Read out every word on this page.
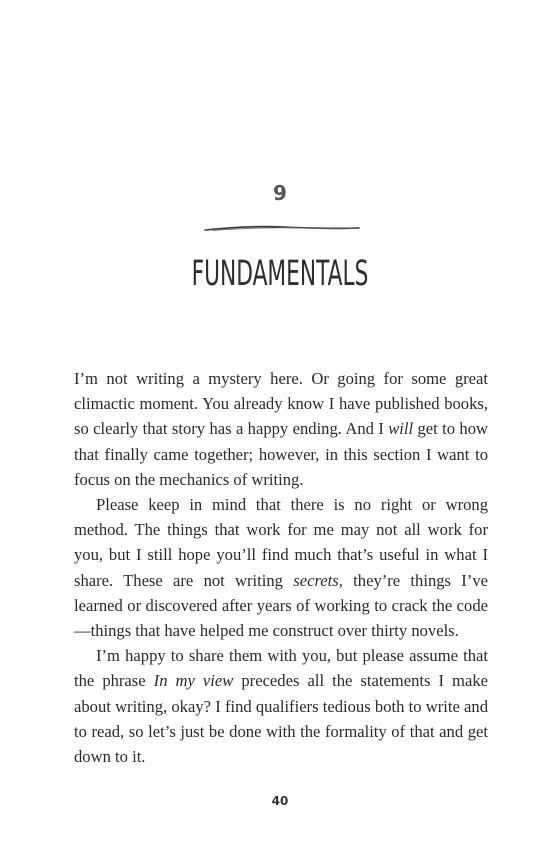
9
FUNDAMENTALS

I’m not writing a mystery here. Or going for some great climactic moment. You already know I have published books, so clearly that story has a happy ending. And I will get to how that finally came together; however, in this section I want to focus on the mechanics of writing.

Please keep in mind that there is no right or wrong method. The things that work for me may not all work for you, but I still hope you’ll find much that’s useful in what I share. These are not writing secrets, they’re things I’ve learned or discovered after years of working to crack the code—things that have helped me construct over thirty novels.

I’m happy to share them with you, but please assume that the phrase In my view precedes all the statements I make about writing, okay? I find qualifiers tedious both to write and to read, so let’s just be done with the formality of that and get down to it.

40
